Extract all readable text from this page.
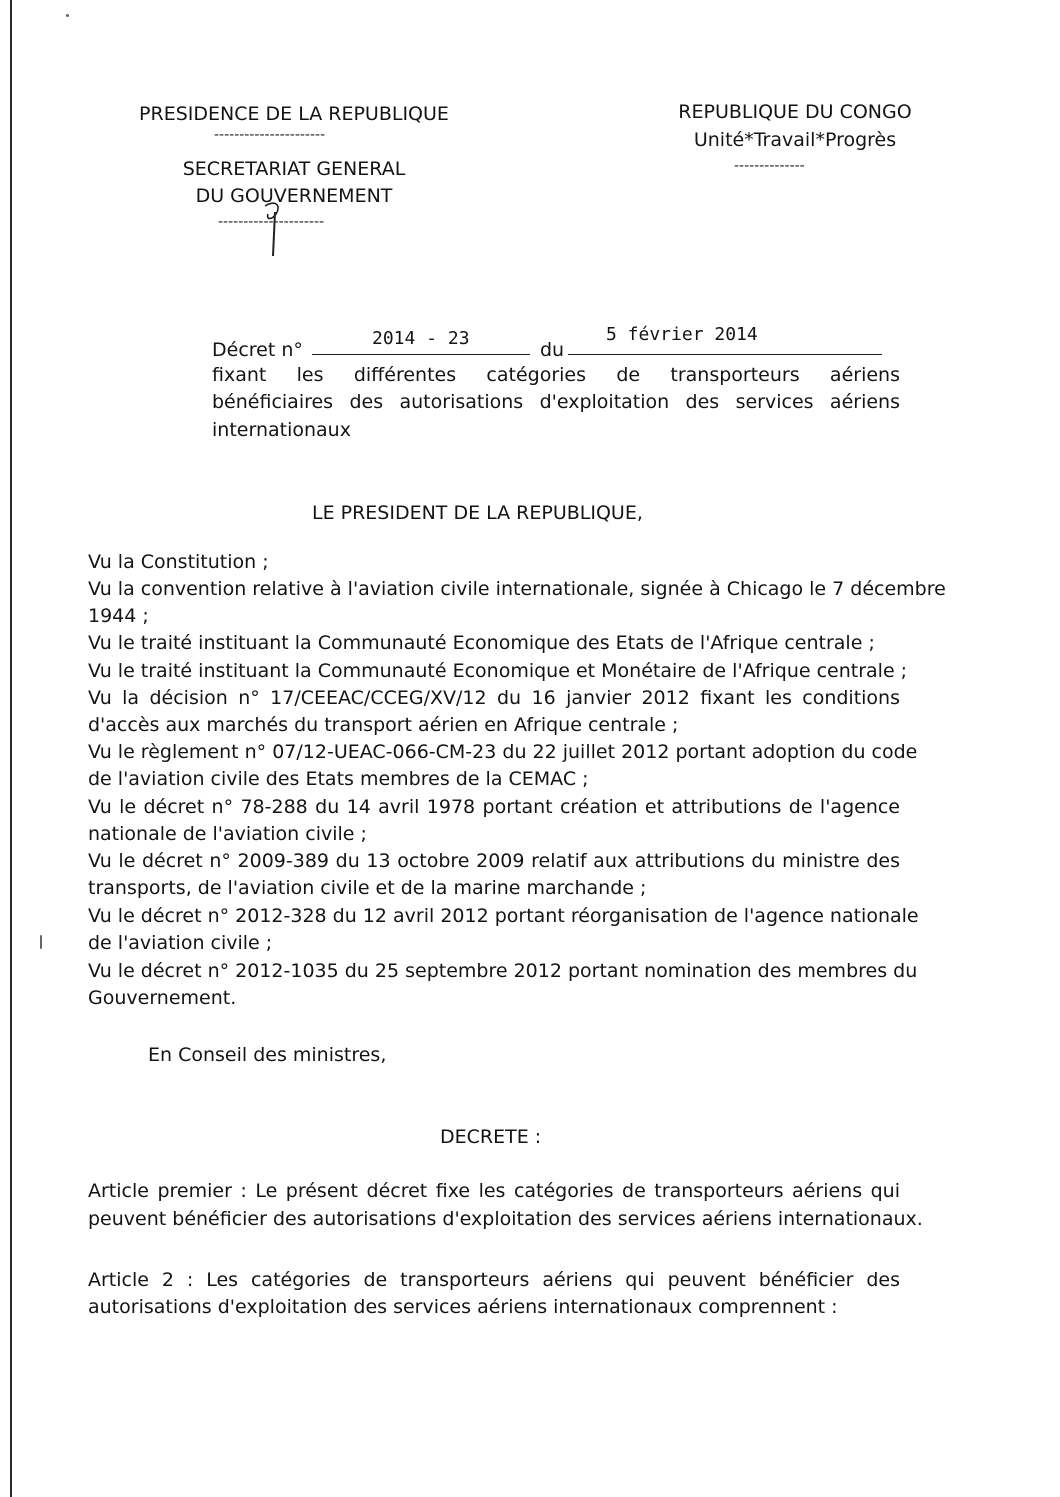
PRESIDENCE DE LA REPUBLIQUE
----------------------
SECRETARIAT GENERAL
DU GOUVERNEMENT
---------------------
REPUBLIQUE DU CONGO
Unité*Travail*Progrès
--------------
Décret n°
2014 - 23
du
5 février 2014
fixant les différentes catégories de transporteurs aériens
bénéficiaires des autorisations d'exploitation des services aériens
internationaux
LE PRESIDENT DE LA REPUBLIQUE,
Vu la Constitution ;
Vu la convention relative à l'aviation civile internationale, signée à Chicago le 7 décembre
1944 ;
Vu le traité instituant la Communauté Economique des Etats de l'Afrique centrale ;
Vu le traité instituant la Communauté Economique et Monétaire de l'Afrique centrale ;
Vu la décision n° 17/CEEAC/CCEG/XV/12 du 16 janvier 2012 fixant les conditions
d'accès aux marchés du transport aérien en Afrique centrale ;
Vu le règlement n° 07/12-UEAC-066-CM-23 du 22 juillet 2012 portant adoption du code
de l'aviation civile des Etats membres de la CEMAC ;
Vu le décret n° 78-288 du 14 avril 1978 portant création et attributions de l'agence
nationale de l'aviation civile ;
Vu le décret n° 2009-389 du 13 octobre 2009 relatif aux attributions du ministre des
transports, de l'aviation civile et de la marine marchande ;
Vu le décret n° 2012-328 du 12 avril 2012 portant réorganisation de l'agence nationale
de l'aviation civile ;
Vu le décret n° 2012-1035 du 25 septembre 2012 portant nomination des membres du
Gouvernement.
En Conseil des ministres,
DECRETE :
Article premier : Le présent décret fixe les catégories de transporteurs aériens qui
peuvent bénéficier des autorisations d'exploitation des services aériens internationaux.
Article 2 : Les catégories de transporteurs aériens qui peuvent bénéficier des
autorisations d'exploitation des services aériens internationaux comprennent :
